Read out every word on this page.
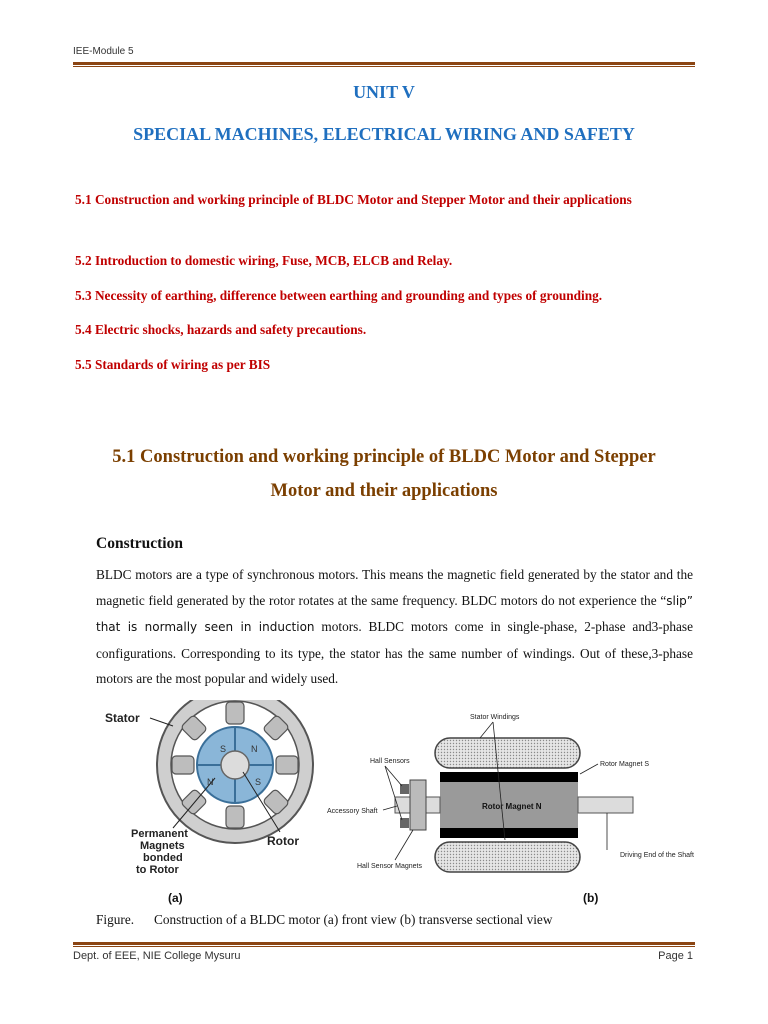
IEE-Module 5
UNIT V
SPECIAL MACHINES, ELECTRICAL WIRING AND SAFETY
5.1 Construction and working principle of BLDC Motor and Stepper Motor and their applications
5.2 Introduction to domestic wiring, Fuse, MCB, ELCB and Relay.
5.3 Necessity of earthing, difference between earthing and grounding and types of grounding.
5.4 Electric shocks, hazards and safety precautions.
5.5 Standards of wiring as per BIS
5.1 Construction and working principle of BLDC Motor and Stepper
Motor and their applications
Construction
BLDC motors are a type of synchronous motors. This means the magnetic field generated by the stator and the magnetic field generated by the rotor rotates at the same frequency. BLDC motors do not experience the “slip” that is normally seen in induction motors. BLDC motors come in single-phase, 2-phase and3-phase configurations. Corresponding to its type, the stator has the same number of windings. Out of these,3-phase motors are the most popular and widely used.
S	N
N	S
Stator
Permanent
Magnets
bonded
to Rotor
Rotor
Rotor Magnet N
Stator Windings
Hall Sensors	Rotor Magnet S
Accessory Shaft
Driving End of the Shaft
Hall Sensor Magnets
(a)	(b)
Figure.      Construction of a BLDC motor (a) front view (b) transverse sectional view
Dept. of EEE, NIE College Mysuru	Page 1
